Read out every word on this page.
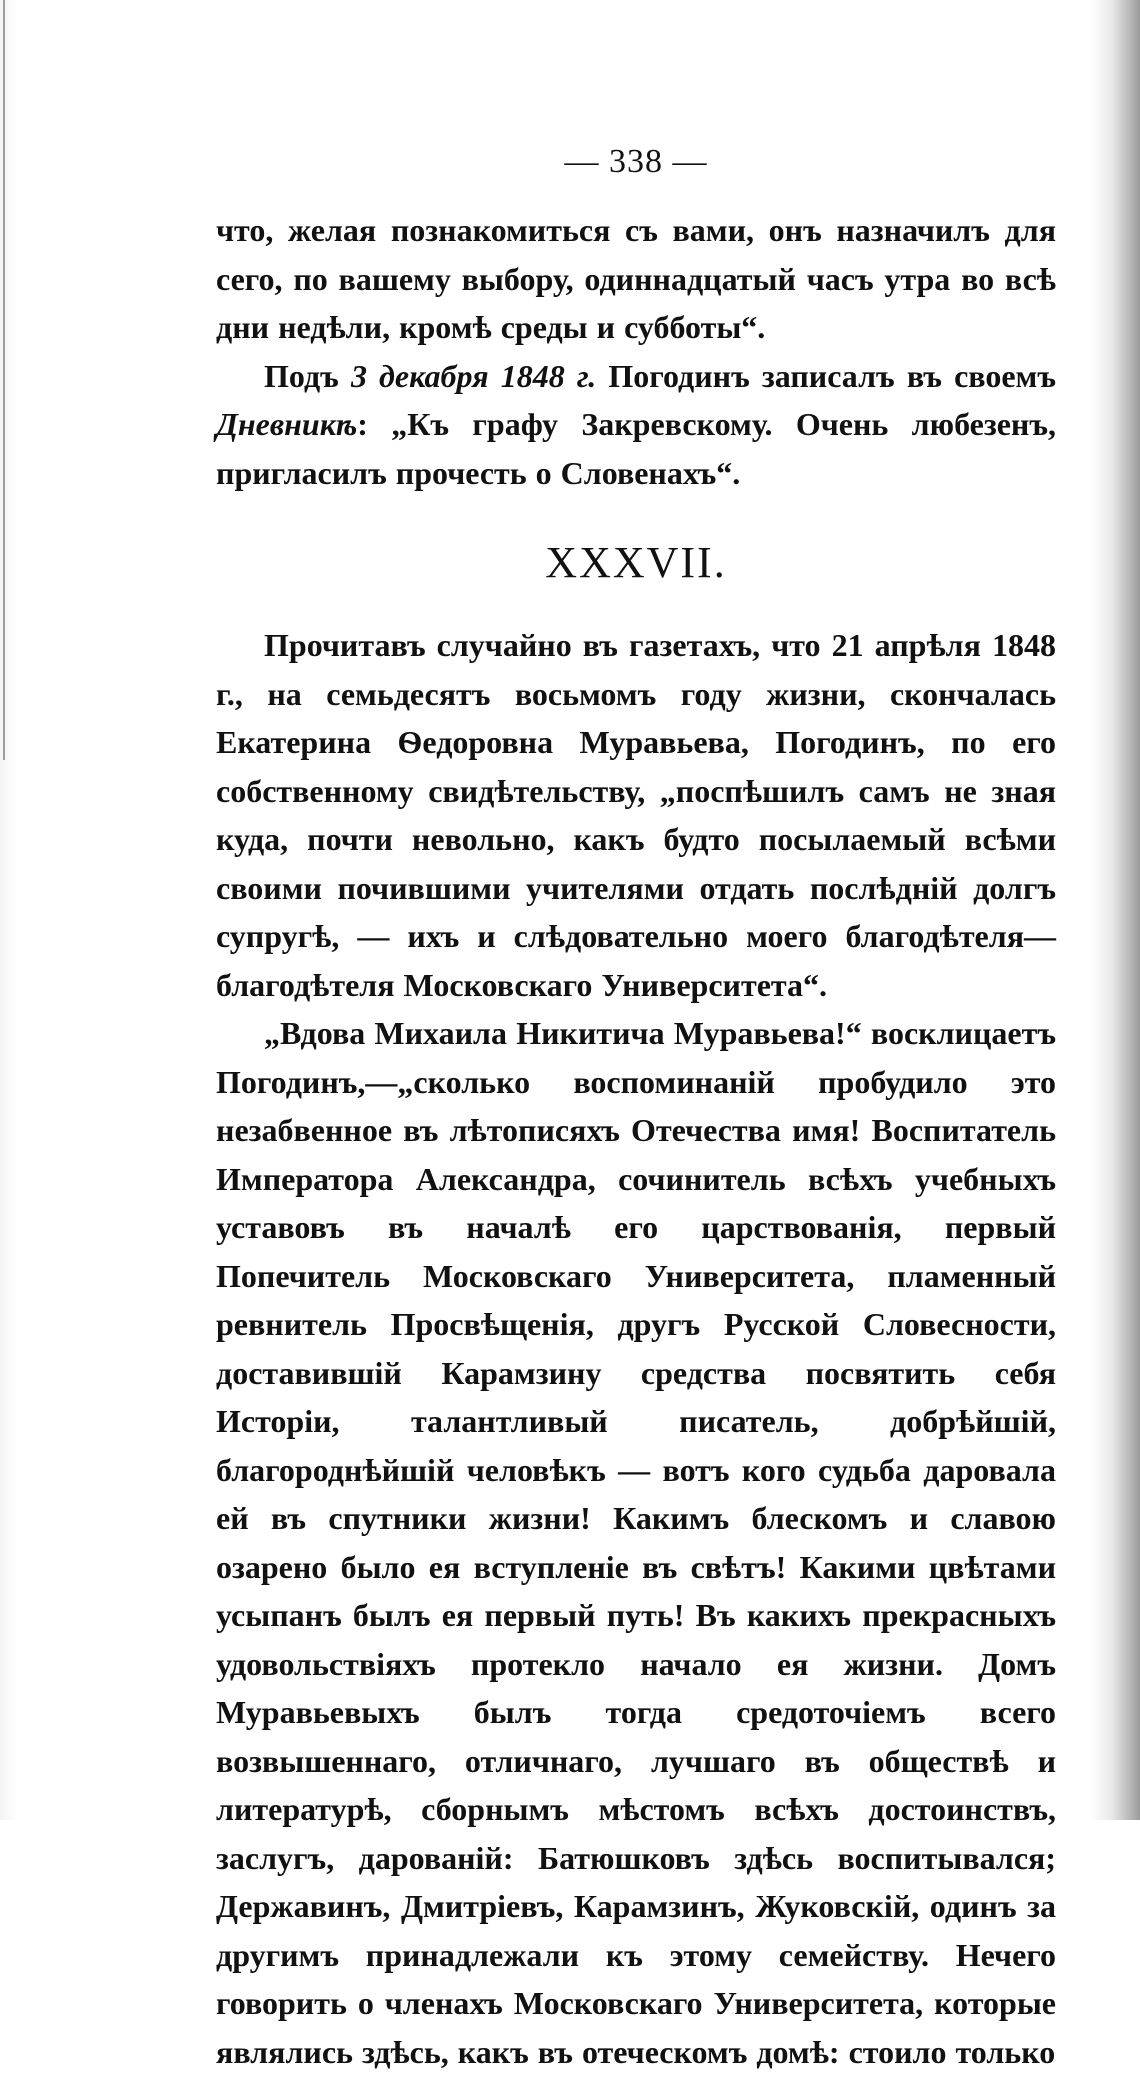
— 338 —

что, желая познакомиться съ вами, онъ назначилъ для сего, по вашему выбору, одиннадцатый часъ утра во всѣ дни недѣли, кромѣ среды и субботы“.

Подъ 3 декабря 1848 г. Погодинъ записалъ въ своемъ Дневникѣ: „Къ графу Закревскому. Очень любезенъ, пригласилъ прочесть о Словенахъ“.

XXXVII.

Прочитавъ случайно въ газетахъ, что 21 апрѣля 1848 г., на семьдесятъ восьмомъ году жизни, скончалась Екатерина Ѳедоровна Муравьева, Погодинъ, по его собственному свидѣтельству, „поспѣшилъ самъ не зная куда, почти невольно, какъ будто посылаемый всѣми своими почившими учителями отдать послѣдній долгъ супругѣ, — ихъ и слѣдовательно моего благодѣтеля—благодѣтеля Московскаго Университета“.

„Вдова Михаила Никитича Муравьева!“ восклицаетъ Погодинъ,—„сколько воспоминаній пробудило это незабвенное въ лѣтописяхъ Отечества имя! Воспитатель Императора Александра, сочинитель всѣхъ учебныхъ уставовъ въ началѣ его царствованія, первый Попечитель Московскаго Университета, пламенный ревнитель Просвѣщенія, другъ Русской Словесности, доставившій Карамзину средства посвятить себя Исторіи, талантливый писатель, добрѣйшій, благороднѣйшій человѣкъ — вотъ кого судьба даровала ей въ спутники жизни! Какимъ блескомъ и славою озарено было ея вступленіе въ свѣтъ! Какими цвѣтами усыпанъ былъ ея первый путь! Въ какихъ прекрасныхъ удовольствіяхъ протекло начало ея жизни. Домъ Муравьевыхъ былъ тогда средоточіемъ всего возвышеннаго, отличнаго, лучшаго въ обществѣ и литературѣ, сборнымъ мѣстомъ всѣхъ достоинствъ, заслугъ, дарованій: Батюшковъ здѣсь воспитывался; Державинъ, Дмитріевъ, Карамзинъ, Жуковскій, одинъ за другимъ принадлежали къ этому семейству. Нечего говорить о членахъ Московскаго Университета, которые являлись здѣсь, какъ въ отеческомъ домѣ: стоило только
